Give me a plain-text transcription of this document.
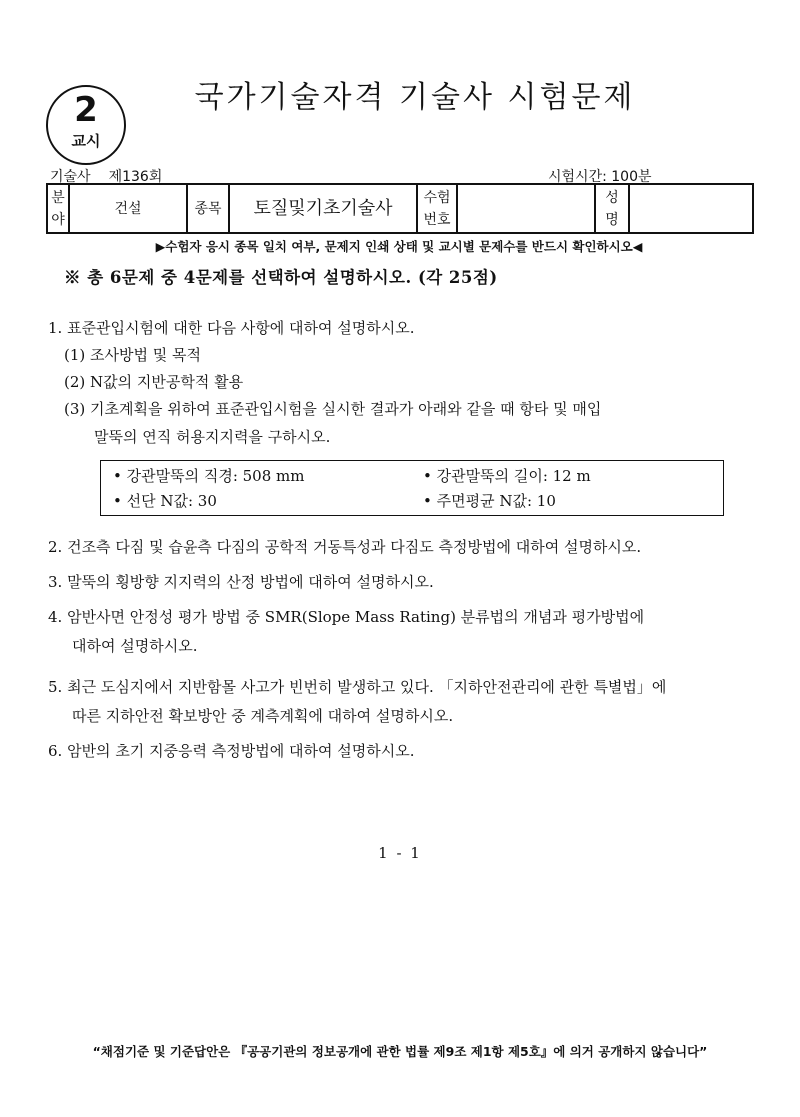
2
교시
국가기술자격 기술사 시험문제
기술사 제136회	시험시간: 100분
분
야	건설	종목	토질및기초기술사	수험
번호		성
명	
▶수험자 응시 종목 일치 여부, 문제지 인쇄 상태 및 교시별 문제수를 반드시 확인하시오◀
※ 총 6문제 중 4문제를 선택하여 설명하시오. (각 25점)
1. 표준관입시험에 대한 다음 사항에 대하여 설명하시오.
(1) 조사방법 및 목적
(2) N값의 지반공학적 활용
(3) 기초계획을 위하여 표준관입시험을 실시한 결과가 아래와 같을 때 항타 및 매입
말뚝의 연직 허용지지력을 구하시오.
• 강관말뚝의 직경: 508 mm	• 강관말뚝의 길이: 12 m
• 선단 N값: 30	• 주면평균 N값: 10
2. 건조측 다짐 및 습윤측 다짐의 공학적 거동특성과 다짐도 측정방법에 대하여 설명하시오.
3. 말뚝의 횡방향 지지력의 산정 방법에 대하여 설명하시오.
4. 암반사면 안정성 평가 방법 중 SMR(Slope Mass Rating) 분류법의 개념과 평가방법에
대하여 설명하시오.
5. 최근 도심지에서 지반함몰 사고가 빈번히 발생하고 있다. 「지하안전관리에 관한 특별법」에
따른 지하안전 확보방안 중 계측계획에 대하여 설명하시오.
6. 암반의 초기 지중응력 측정방법에 대하여 설명하시오.
1 - 1
“채점기준 및 기준답안은 『공공기관의 정보공개에 관한 법률 제9조 제1항 제5호』에 의거 공개하지 않습니다”
